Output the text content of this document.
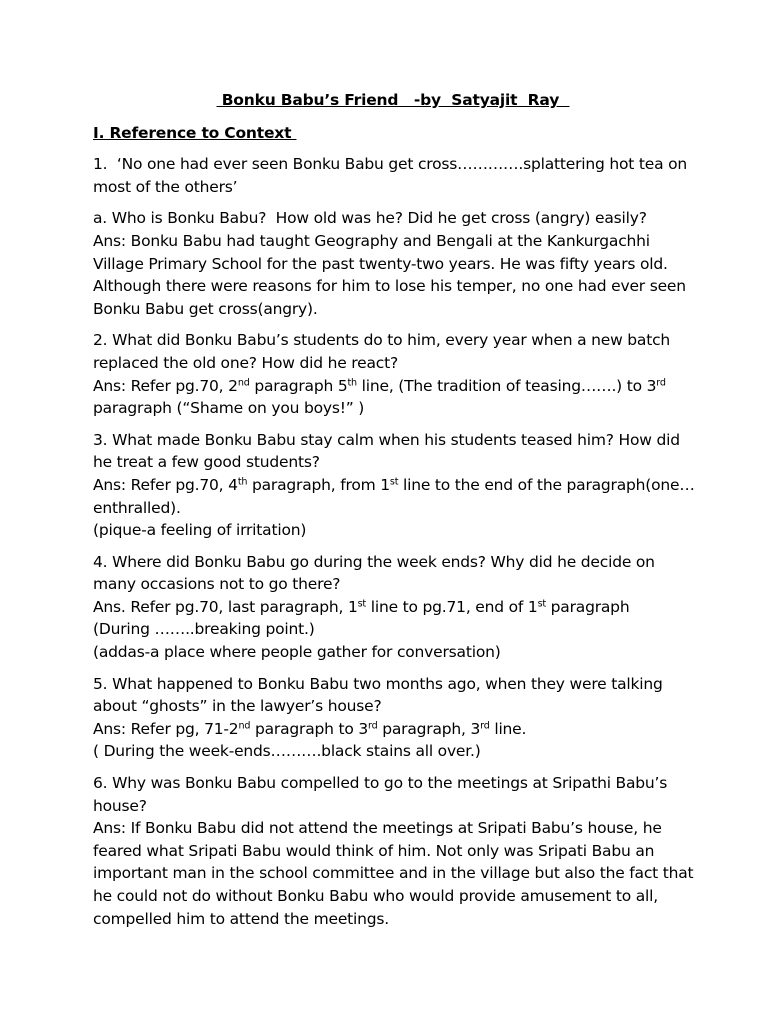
Bonku Babu’s Friend   -by  Satyajit  Ray
I. Reference to Context
1.  ‘No one had ever seen Bonku Babu get cross………….splattering hot tea on
most of the others’
a. Who is Bonku Babu?  How old was he? Did he get cross (angry) easily?
Ans: Bonku Babu had taught Geography and Bengali at the Kankurgachhi
Village Primary School for the past twenty-two years. He was fifty years old.
Although there were reasons for him to lose his temper, no one had ever seen
Bonku Babu get cross(angry).
2. What did Bonku Babu’s students do to him, every year when a new batch
replaced the old one? How did he react?
Ans: Refer pg.70, 2nd paragraph 5th line, (The tradition of teasing…….) to 3rd
paragraph (“Shame on you boys!” )
3. What made Bonku Babu stay calm when his students teased him? How did
he treat a few good students?
Ans: Refer pg.70, 4th paragraph, from 1st line to the end of the paragraph(one…
enthralled).
(pique-a feeling of irritation)
4. Where did Bonku Babu go during the week ends? Why did he decide on
many occasions not to go there?
Ans. Refer pg.70, last paragraph, 1st line to pg.71, end of 1st paragraph
(During ……..breaking point.)
(addas-a place where people gather for conversation)
5. What happened to Bonku Babu two months ago, when they were talking
about “ghosts” in the lawyer’s house?
Ans: Refer pg, 71-2nd paragraph to 3rd paragraph, 3rd line.
( During the week-ends……….black stains all over.)
6. Why was Bonku Babu compelled to go to the meetings at Sripathi Babu’s
house?
Ans: If Bonku Babu did not attend the meetings at Sripati Babu’s house, he
feared what Sripati Babu would think of him. Not only was Sripati Babu an
important man in the school committee and in the village but also the fact that
he could not do without Bonku Babu who would provide amusement to all,
compelled him to attend the meetings.
